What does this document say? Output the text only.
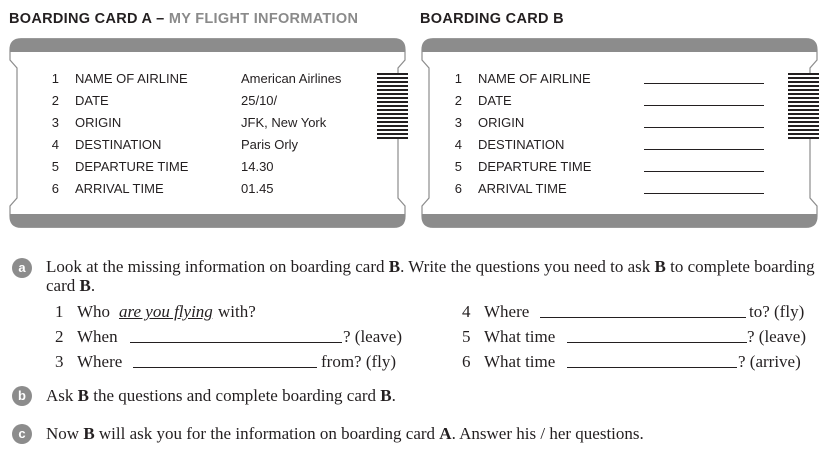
BOARDING CARD A – MY FLIGHT INFORMATION	BOARDING CARD B
1 NAME OF AIRLINE	American Airlines
2 DATE	25/10/
3 ORIGIN	JFK, New York
4 DESTINATION	Paris Orly
5 DEPARTURE TIME	14.30
6 ARRIVAL TIME	01.45
1 NAME OF AIRLINE
2 DATE
3 ORIGIN
4 DESTINATION
5 DEPARTURE TIME
6 ARRIVAL TIME
a	Look at the missing information on boarding card B. Write the questions you need to ask B to complete boarding card B.
1 Who are you flying with?
2 When	? (leave)
3 Where	from? (fly)
4 Where	to? (fly)
5 What time	? (leave)
6 What time	? (arrive)
b	Ask B the questions and complete boarding card B.
c	Now B will ask you for the information on boarding card A. Answer his / her questions.
